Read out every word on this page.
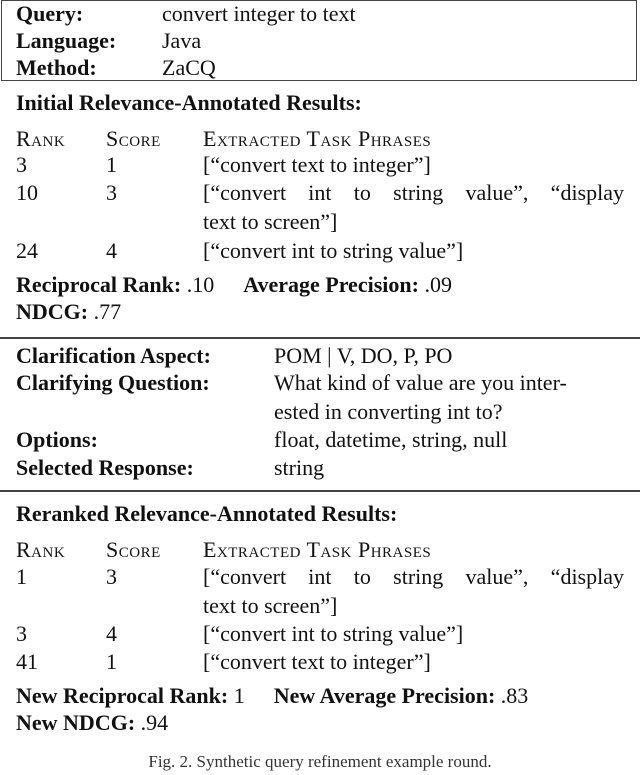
Query:	convert integer to text
Language: Java
Method:	ZaCQ
Initial Relevance-Annotated Results:
Rank Score Extracted Task Phrases
3	1	[“convert text to integer”]
10	3	[“convert int to string value”, “display
text to screen”]
24	4	[“convert int to string value”]
Reciprocal Rank: .10 Average Precision: .09
NDCG: .77
Clarification Aspect:	POM | V, DO, P, PO
Clarifying Question:	What kind of value are you inter-
ested in converting int to?
Options:	float, datetime, string, null
Selected Response:	string
Reranked Relevance-Annotated Results:
Rank Score Extracted Task Phrases
1	3	[“convert int to string value”, “display
text to screen”]
3	4	[“convert int to string value”]
41	1	[“convert text to integer”]
New Reciprocal Rank: 1 New Average Precision: .83
New NDCG: .94
Fig. 2. Synthetic query refinement example round.
